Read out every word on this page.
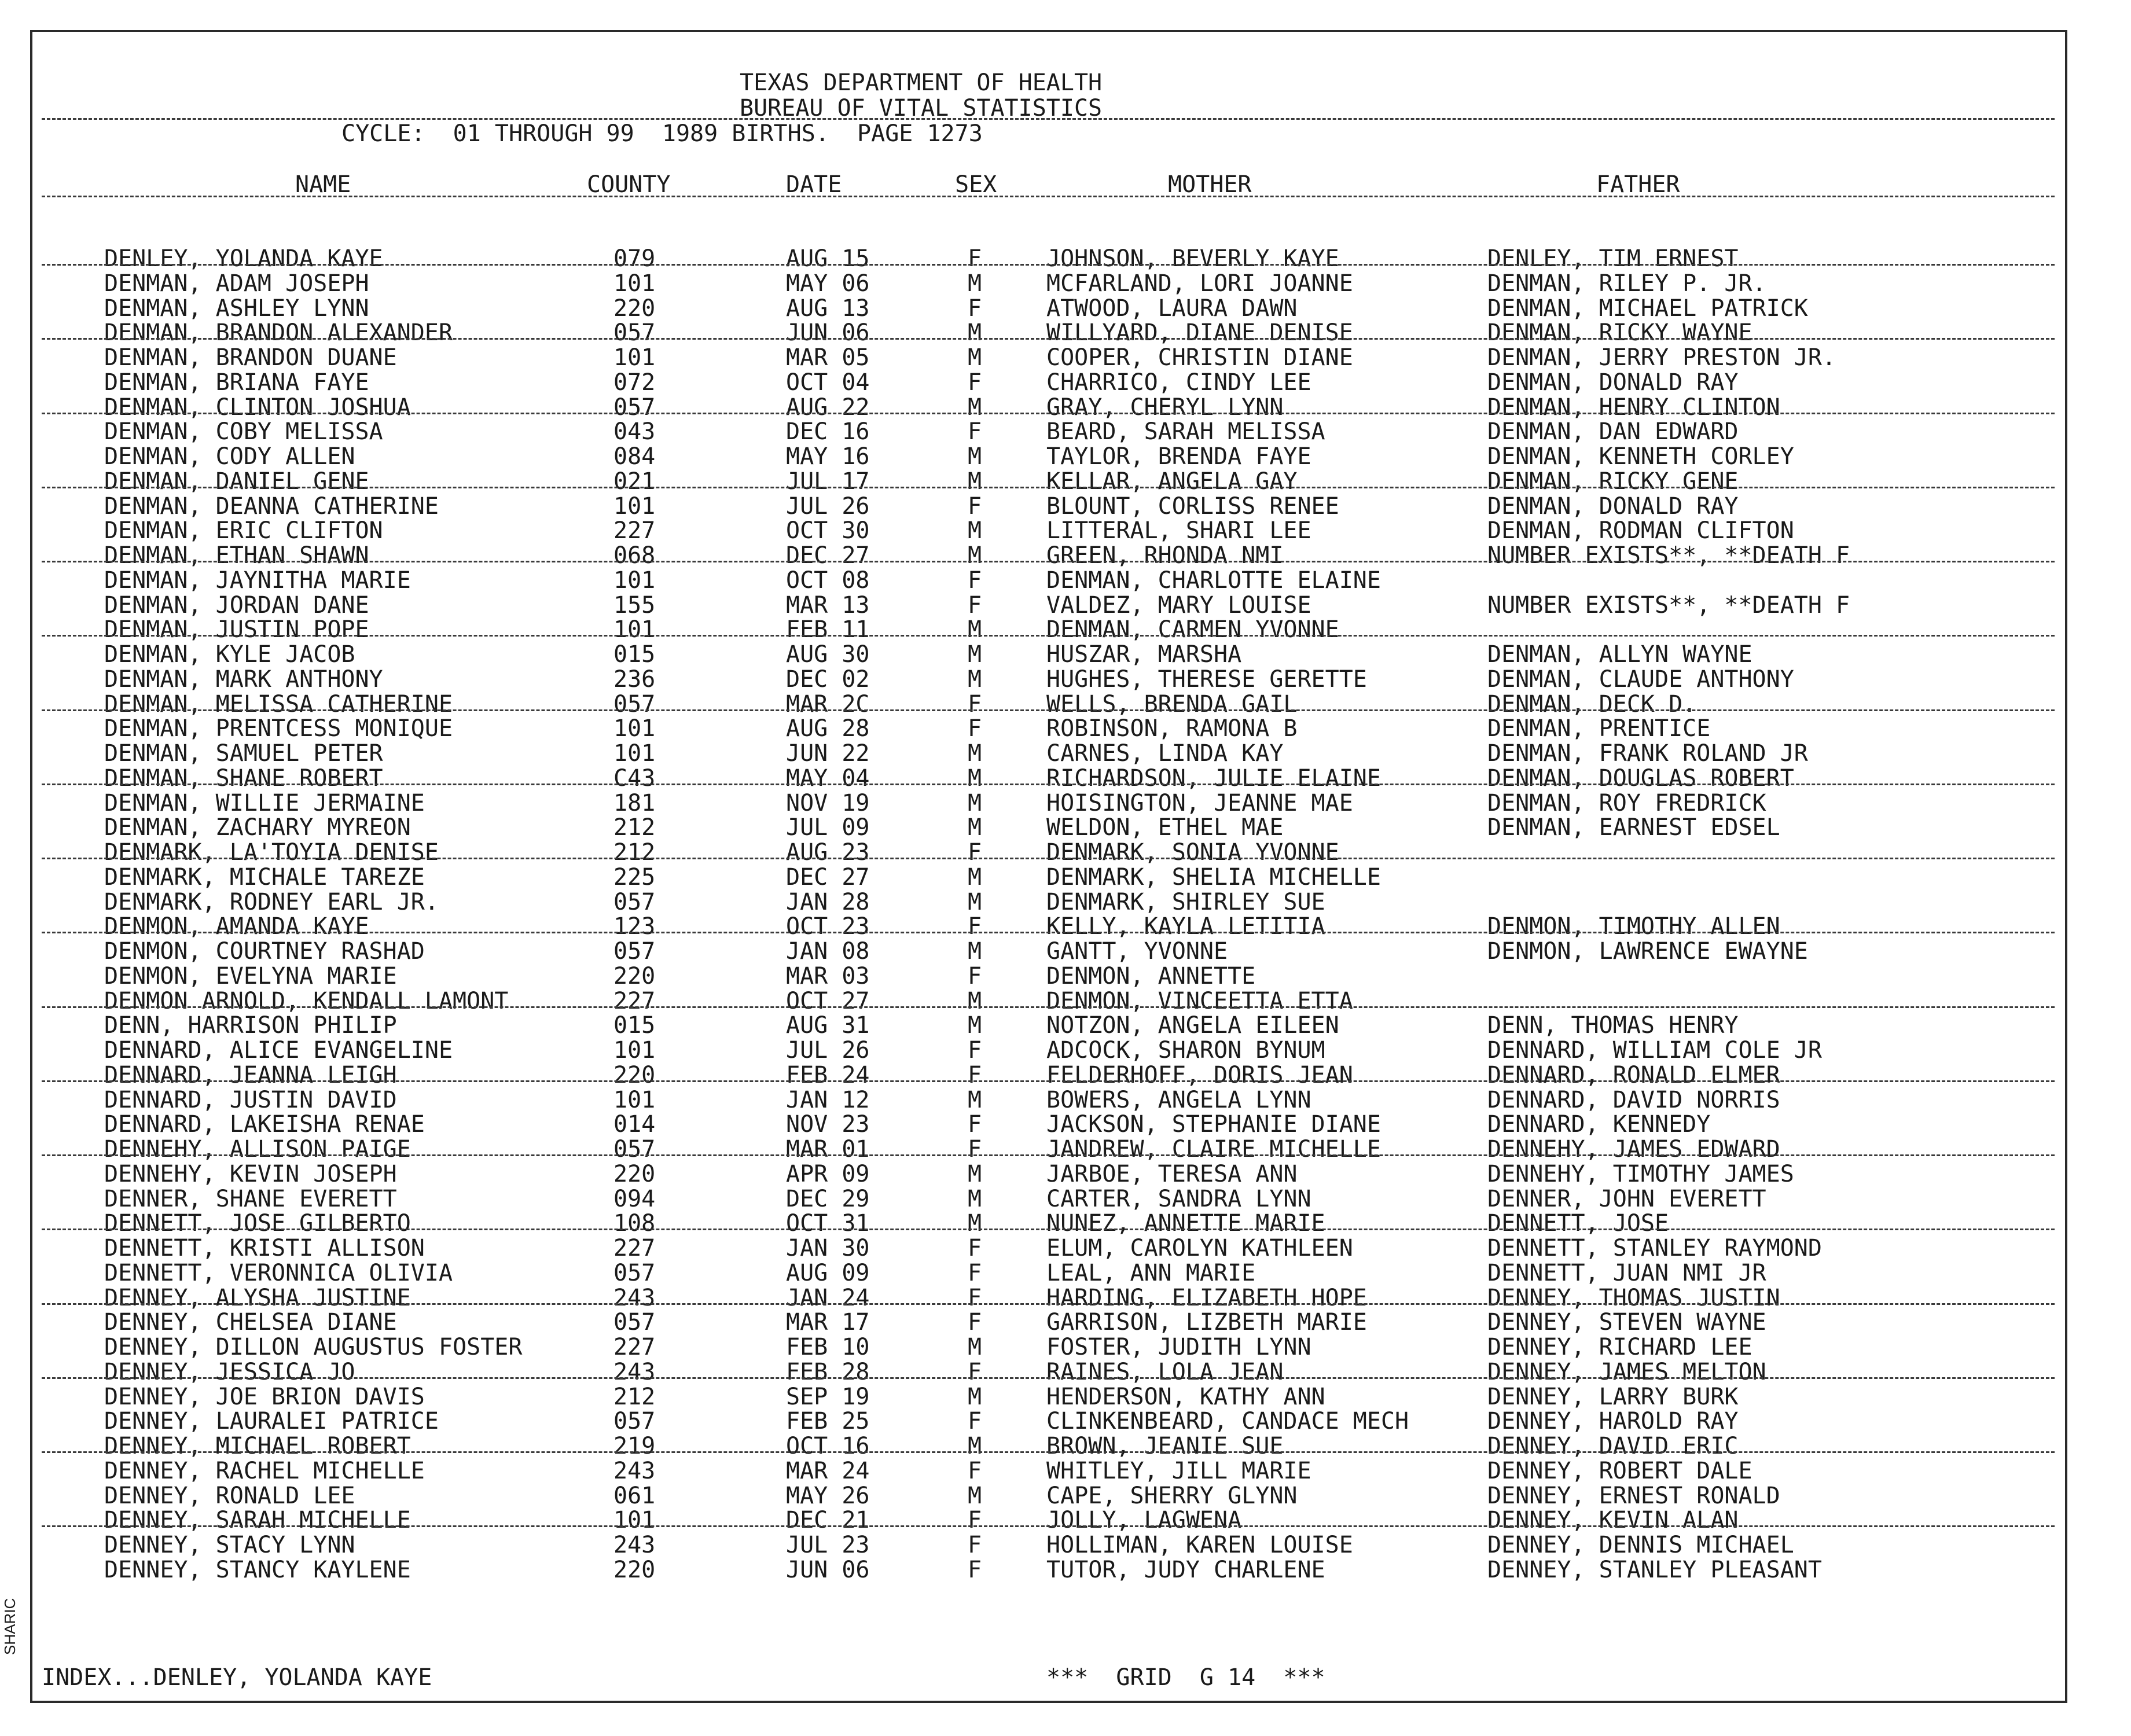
TEXAS DEPARTMENT OF HEALTH
BUREAU OF VITAL STATISTICS
CYCLE:  01 THROUGH 99  1989 BIRTHS.  PAGE 1273
NAME	COUNTY	DATE	SEX	MOTHER	FATHER
DENLEY, YOLANDA KAYE	079	AUG 15	F	JOHNSON, BEVERLY KAYE	DENLEY, TIM ERNEST
DENMAN, ADAM JOSEPH	101	MAY 06	M	MCFARLAND, LORI JOANNE	DENMAN, RILEY P. JR.
DENMAN, ASHLEY LYNN	220	AUG 13	F	ATWOOD, LAURA DAWN	DENMAN, MICHAEL PATRICK
DENMAN, BRANDON ALEXANDER	057	JUN 06	M	WILLYARD, DIANE DENISE	DENMAN, RICKY WAYNE
DENMAN, BRANDON DUANE	101	MAR 05	M	COOPER, CHRISTIN DIANE	DENMAN, JERRY PRESTON JR.
DENMAN, BRIANA FAYE	072	OCT 04	F	CHARRICO, CINDY LEE	DENMAN, DONALD RAY
DENMAN, CLINTON JOSHUA	057	AUG 22	M	GRAY, CHERYL LYNN	DENMAN, HENRY CLINTON
DENMAN, COBY MELISSA	043	DEC 16	F	BEARD, SARAH MELISSA	DENMAN, DAN EDWARD
DENMAN, CODY ALLEN	084	MAY 16	M	TAYLOR, BRENDA FAYE	DENMAN, KENNETH CORLEY
DENMAN, DANIEL GENE	021	JUL 17	M	KELLAR, ANGELA GAY	DENMAN, RICKY GENE
DENMAN, DEANNA CATHERINE	101	JUL 26	F	BLOUNT, CORLISS RENEE	DENMAN, DONALD RAY
DENMAN, ERIC CLIFTON	227	OCT 30	M	LITTERAL, SHARI LEE	DENMAN, RODMAN CLIFTON
DENMAN, ETHAN SHAWN	068	DEC 27	M	GREEN, RHONDA NMI	NUMBER EXISTS**, **DEATH F
DENMAN, JAYNITHA MARIE	101	OCT 08	F	DENMAN, CHARLOTTE ELAINE
DENMAN, JORDAN DANE	155	MAR 13	F	VALDEZ, MARY LOUISE	NUMBER EXISTS**, **DEATH F
DENMAN, JUSTIN POPE	101	FEB 11	M	DENMAN, CARMEN YVONNE
DENMAN, KYLE JACOB	015	AUG 30	M	HUSZAR, MARSHA	DENMAN, ALLYN WAYNE
DENMAN, MARK ANTHONY	236	DEC 02	M	HUGHES, THERESE GERETTE	DENMAN, CLAUDE ANTHONY
DENMAN, MELISSA CATHERINE	057	MAR 2C	F	WELLS, BRENDA GAIL	DENMAN, DECK D.
DENMAN, PRENTCESS MONIQUE	101	AUG 28	F	ROBINSON, RAMONA B	DENMAN, PRENTICE
DENMAN, SAMUEL PETER	101	JUN 22	M	CARNES, LINDA KAY	DENMAN, FRANK ROLAND JR
DENMAN, SHANE ROBERT	C43	MAY 04	M	RICHARDSON, JULIE ELAINE	DENMAN, DOUGLAS ROBERT
DENMAN, WILLIE JERMAINE	181	NOV 19	M	HOISINGTON, JEANNE MAE	DENMAN, ROY FREDRICK
DENMAN, ZACHARY MYREON	212	JUL 09	M	WELDON, ETHEL MAE	DENMAN, EARNEST EDSEL
DENMARK, LA'TOYIA DENISE	212	AUG 23	F	DENMARK, SONIA YVONNE
DENMARK, MICHALE TAREZE	225	DEC 27	M	DENMARK, SHELIA MICHELLE
DENMARK, RODNEY EARL JR.	057	JAN 28	M	DENMARK, SHIRLEY SUE
DENMON, AMANDA KAYE	123	OCT 23	F	KELLY, KAYLA LETITIA	DENMON, TIMOTHY ALLEN
DENMON, COURTNEY RASHAD	057	JAN 08	M	GANTT, YVONNE	DENMON, LAWRENCE EWAYNE
DENMON, EVELYNA MARIE	220	MAR 03	F	DENMON, ANNETTE
DENMON ARNOLD, KENDALL LAMONT	227	OCT 27	M	DENMON, VINCEETTA ETTA
DENN, HARRISON PHILIP	015	AUG 31	M	NOTZON, ANGELA EILEEN	DENN, THOMAS HENRY
DENNARD, ALICE EVANGELINE	101	JUL 26	F	ADCOCK, SHARON BYNUM	DENNARD, WILLIAM COLE JR
DENNARD, JEANNA LEIGH	220	FEB 24	F	FELDERHOFF, DORIS JEAN	DENNARD, RONALD ELMER
DENNARD, JUSTIN DAVID	101	JAN 12	M	BOWERS, ANGELA LYNN	DENNARD, DAVID NORRIS
DENNARD, LAKEISHA RENAE	014	NOV 23	F	JACKSON, STEPHANIE DIANE	DENNARD, KENNEDY
DENNEHY, ALLISON PAIGE	057	MAR 01	F	JANDREW, CLAIRE MICHELLE	DENNEHY, JAMES EDWARD
DENNEHY, KEVIN JOSEPH	220	APR 09	M	JARBOE, TERESA ANN	DENNEHY, TIMOTHY JAMES
DENNER, SHANE EVERETT	094	DEC 29	M	CARTER, SANDRA LYNN	DENNER, JOHN EVERETT
DENNETT, JOSE GILBERTO	108	OCT 31	M	NUNEZ, ANNETTE MARIE	DENNETT, JOSE
DENNETT, KRISTI ALLISON	227	JAN 30	F	ELUM, CAROLYN KATHLEEN	DENNETT, STANLEY RAYMOND
DENNETT, VERONNICA OLIVIA	057	AUG 09	F	LEAL, ANN MARIE	DENNETT, JUAN NMI JR
DENNEY, ALYSHA JUSTINE	243	JAN 24	F	HARDING, ELIZABETH HOPE	DENNEY, THOMAS JUSTIN
DENNEY, CHELSEA DIANE	057	MAR 17	F	GARRISON, LIZBETH MARIE	DENNEY, STEVEN WAYNE
DENNEY, DILLON AUGUSTUS FOSTER	227	FEB 10	M	FOSTER, JUDITH LYNN	DENNEY, RICHARD LEE
DENNEY, JESSICA JO	243	FEB 28	F	RAINES, LOLA JEAN	DENNEY, JAMES MELTON
DENNEY, JOE BRION DAVIS	212	SEP 19	M	HENDERSON, KATHY ANN	DENNEY, LARRY BURK
DENNEY, LAURALEI PATRICE	057	FEB 25	F	CLINKENBEARD, CANDACE MECH	DENNEY, HAROLD RAY
DENNEY, MICHAEL ROBERT	219	OCT 16	M	BROWN, JEANIE SUE	DENNEY, DAVID ERIC
DENNEY, RACHEL MICHELLE	243	MAR 24	F	WHITLEY, JILL MARIE	DENNEY, ROBERT DALE
DENNEY, RONALD LEE	061	MAY 26	M	CAPE, SHERRY GLYNN	DENNEY, ERNEST RONALD
DENNEY, SARAH MICHELLE	101	DEC 21	F	JOLLY, LAGWENA	DENNEY, KEVIN ALAN
DENNEY, STACY LYNN	243	JUL 23	F	HOLLIMAN, KAREN LOUISE	DENNEY, DENNIS MICHAEL
DENNEY, STANCY KAYLENE	220	JUN 06	F	TUTOR, JUDY CHARLENE	DENNEY, STANLEY PLEASANT
INDEX...DENLEY, YOLANDA KAYE	***  GRID  G 14  ***
SHARIC
